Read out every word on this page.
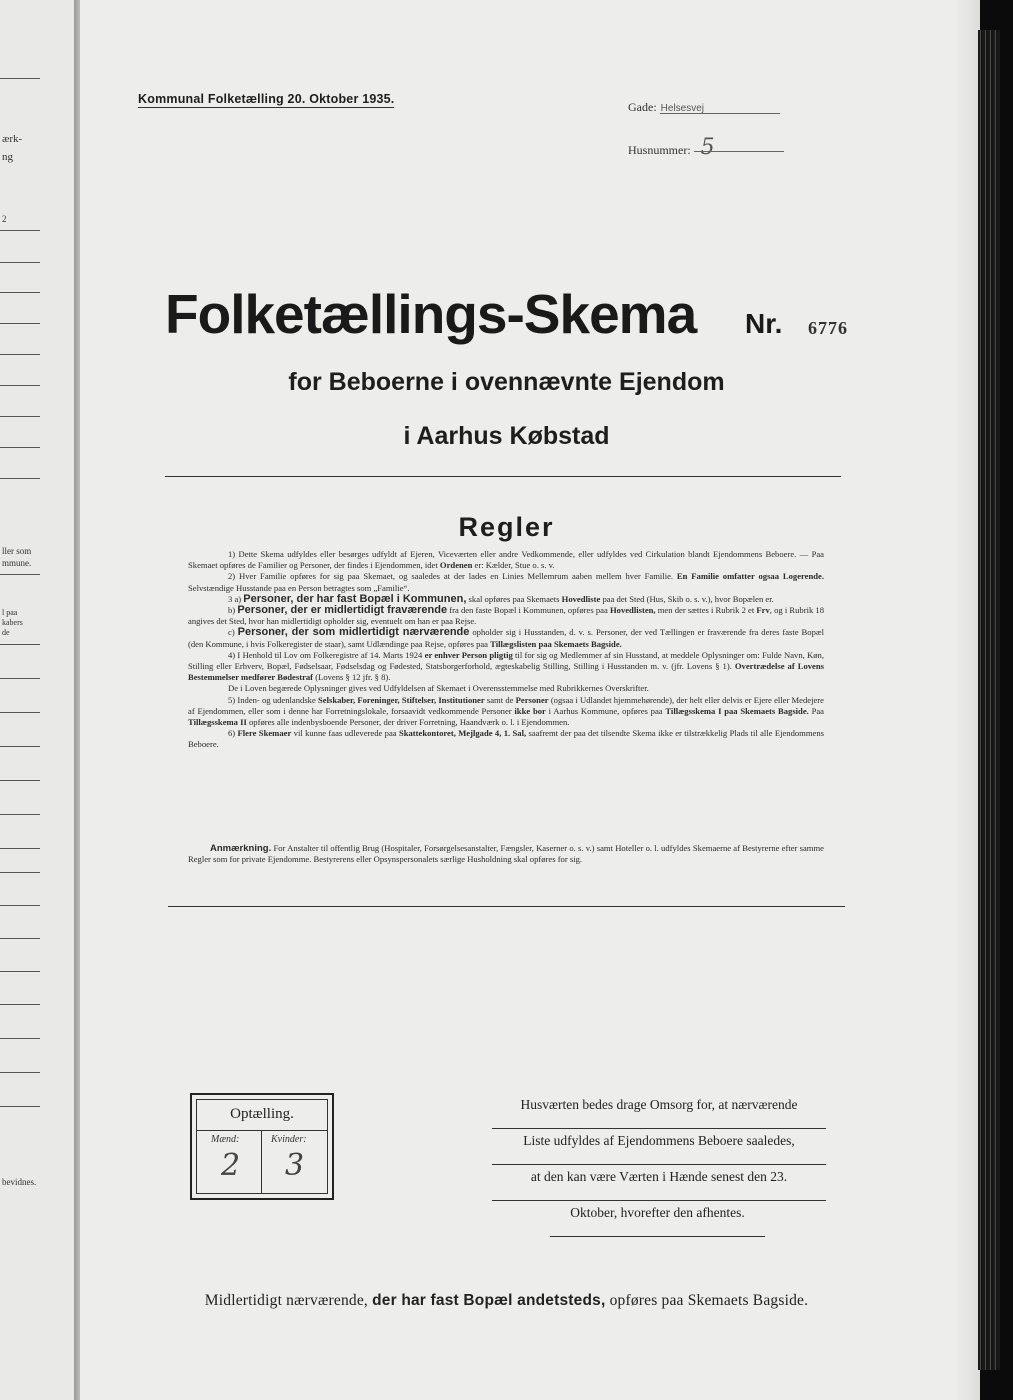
ærk-
ng
2
ller som
mmune.
l paa
kabers
de
bevidnes.
Kommunal Folketælling 20. Oktober 1935.
Gade: Helsesvej
Husnummer: 5
Folketællings-Skema Nr. 6776
for Beboerne i ovennævnte Ejendom
i Aarhus Købstad
Regler

1) Dette Skema udfyldes eller besørges udfyldt af Ejeren, Viceværten eller andre Vedkommende, eller udfyldes ved Cirkulation blandt Ejendommens Beboere. — Paa Skemaet opføres de Familier og Personer, der findes i Ejendommen, idet Ordenen er: Kælder, Stue o. s. v.

2) Hver Familie opføres for sig paa Skemaet, og saaledes at der lades en Linies Mellemrum aaben mellem hver Familie. En Familie omfatter ogsaa Logerende. Selvstændige Husstande paa en Person betragtes som „Familie“.

3 a) Personer, der har fast Bopæl i Kommunen, skal opføres paa Skemaets Hovedliste paa det Sted (Hus, Skib o. s. v.), hvor Bopælen er.

b) Personer, der er midlertidigt fraværende fra den faste Bopæl i Kommunen, opføres paa Hovedlisten, men der sættes i Rubrik 2 et Frv, og i Rubrik 18 angives det Sted, hvor han midlertidigt opholder sig, eventuelt om han er paa Rejse.

c) Personer, der som midlertidigt nærværende opholder sig i Husstanden, d. v. s. Personer, der ved Tællingen er fraværende fra deres faste Bopæl (den Kommune, i hvis Folkeregister de staar), samt Udlændinge paa Rejse, opføres paa Tillægslisten paa Skemaets Bagside.

4) I Henhold til Lov om Folkeregistre af 14. Marts 1924 er enhver Person pligtig til for sig og Medlemmer af sin Husstand, at meddele Oplysninger om: Fulde Navn, Køn, Stilling eller Erhverv, Bopæl, Fødselsaar, Fødselsdag og Fødested, Statsborgerforhold, ægteskabelig Stilling, Stilling i Husstanden m. v. (jfr. Lovens § 1). Overtrædelse af Lovens Bestemmelser medfører Bødestraf (Lovens § 12 jfr. § 8).

De i Loven begærede Oplysninger gives ved Udfyldelsen af Skemaet i Overensstemmelse med Rubrikkernes Overskrifter.

5) Inden- og udenlandske Selskaber, Foreninger, Stiftelser, Institutioner samt de Personer (ogsaa i Udlandet hjemmehørende), der helt eller delvis er Ejere eller Medejere af Ejendommen, eller som i denne har Forretningslokale, forsaavidt vedkommende Personer ikke bor i Aarhus Kommune, opføres paa Tillægsskema I paa Skemaets Bagside. Paa Tillægsskema II opføres alle indenbysboende Personer, der driver Forretning, Haandværk o. l. i Ejendommen.

6) Flere Skemaer vil kunne faas udleverede paa Skattekontoret, Mejlgade 4, 1. Sal, saafremt der paa det tilsendte Skema ikke er tilstrækkelig Plads til alle Ejendommens Beboere.

Anmærkning. For Anstalter til offentlig Brug (Hospitaler, Forsørgelsesanstalter, Fængsler, Kaserner o. s. v.) samt Hoteller o. l. udfyldes Skemaerne af Bestyrerne efter samme Regler som for private Ejendomme. Bestyrerens eller Opsynspersonalets særlige Husholdning skal opføres for sig.

Optælling.
Mænd:	Kvinder:
2 3
Husværten bedes drage Omsorg for, at nærværende
Liste udfyldes af Ejendommens Beboere saaledes,
at den kan være Værten i Hænde senest den 23.
Oktober, hvorefter den afhentes.
Midlertidigt nærværende, der har fast Bopæl andetsteds, opføres paa Skemaets Bagside.
